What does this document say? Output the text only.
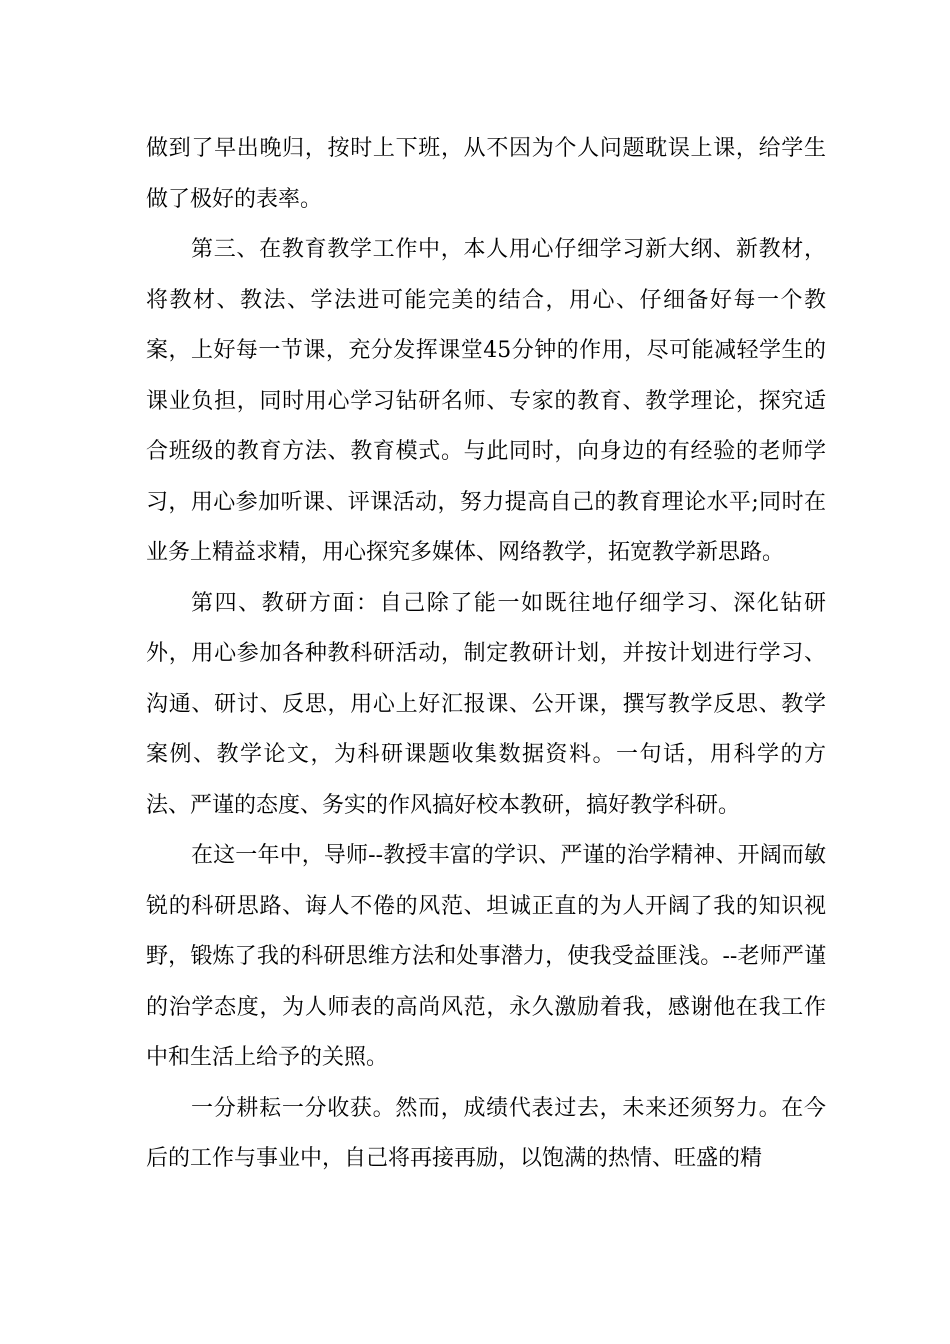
做到了早出晚归，按时上下班，从不因为个人问题耽误上课，给学生做了极好的表率。

第三、在教育教学工作中，本人用心仔细学习新大纲、新教材，将教材、教法、学法进可能完美的结合，用心、仔细备好每一个教案，上好每一节课，充分发挥课堂45分钟的作用，尽可能减轻学生的课业负担，同时用心学习钻研名师、专家的教育、教学理论，探究适合班级的教育方法、教育模式。与此同时，向身边的有经验的老师学习，用心参加听课、评课活动，努力提高自己的教育理论水平;同时在业务上精益求精，用心探究多媒体、网络教学，拓宽教学新思路。

第四、教研方面：自己除了能一如既往地仔细学习、深化钻研外，用心参加各种教科研活动，制定教研计划，并按计划进行学习、沟通、研讨、反思，用心上好汇报课、公开课，撰写教学反思、教学案例、教学论文，为科研课题收集数据资料。一句话，用科学的方法、严谨的态度、务实的作风搞好校本教研，搞好教学科研。

在这一年中，导师--教授丰富的学识、严谨的治学精神、开阔而敏锐的科研思路、诲人不倦的风范、坦诚正直的为人开阔了我的知识视野，锻炼了我的科研思维方法和处事潜力，使我受益匪浅。--老师严谨的治学态度，为人师表的高尚风范，永久激励着我，感谢他在我工作中和生活上给予的关照。

一分耕耘一分收获。然而，成绩代表过去，未来还须努力。在今后的工作与事业中，自己将再接再励，以饱满的热情、旺盛的精
